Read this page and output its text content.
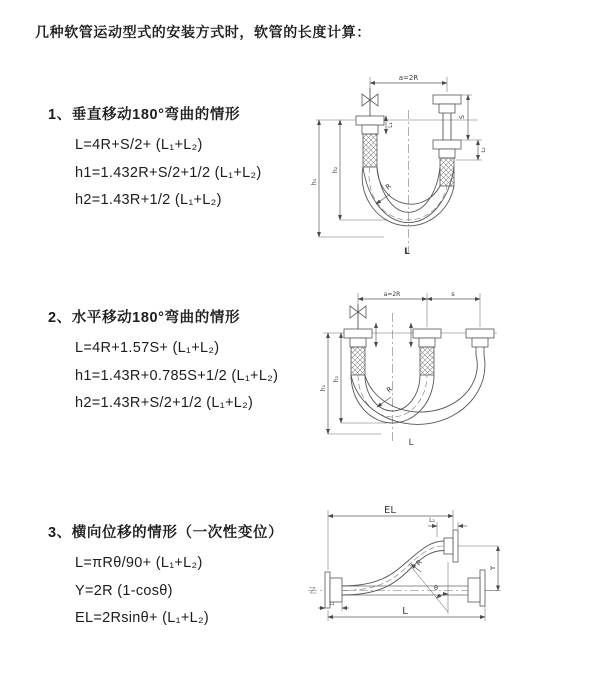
几种软管运动型式的安装方式时，软管的长度计算：
1、垂直移动180°弯曲的情形
L=4R+S/2+ (L₁+L₂)
h1=1.432R+S/2+1/2 (L₁+L₂)
h2=1.43R+1/2 (L₁+L₂)
2、水平移动180°弯曲的情形
L=4R+1.57S+ (L₁+L₂)
h1=1.43R+0.785S+1/2 (L₁+L₂)
h2=1.43R+S/2+1/2 (L₁+L₂)
3、横向位移的情形（一次性变位）
L=πRθ/90+ (L₁+L₂)
Y=2R (1-cosθ)
EL=2Rsinθ+ (L₁+L₂)
a=2R
L₁
h₂
h₁
S
L₂
R
L
a=2R	s
h₂
h₁	R
L
EL
L₂
θ
R
Y
L₁
L
